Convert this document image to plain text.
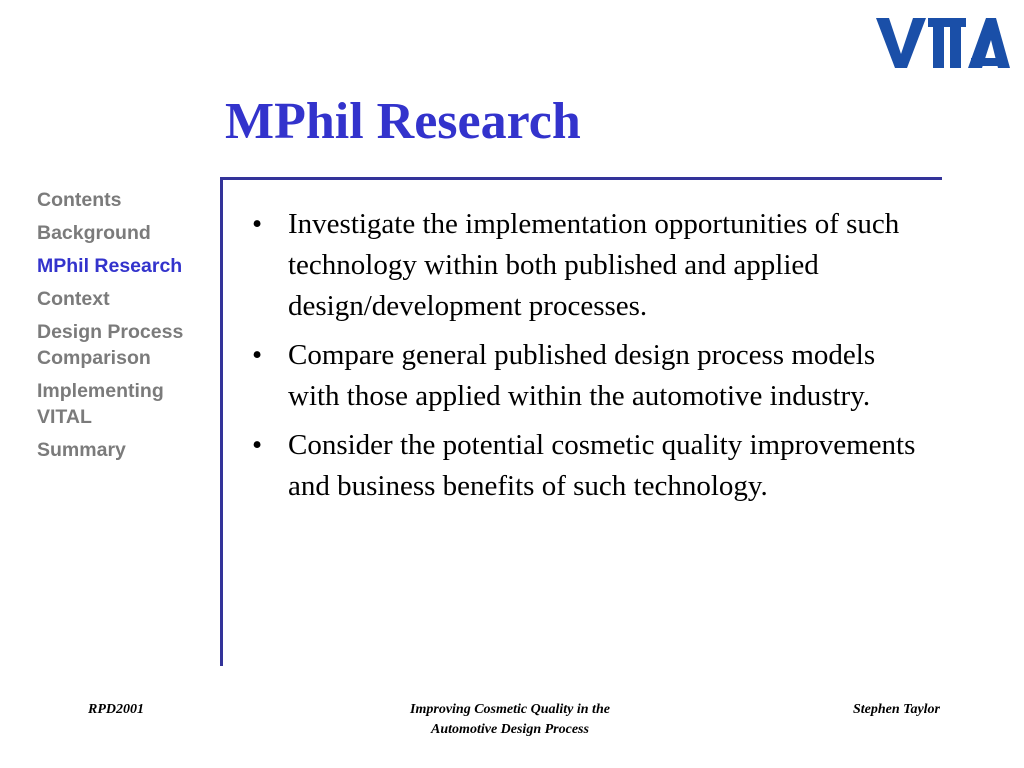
MPhil Research
Contents
Background
MPhil Research
Context
Design Process
Comparison
Implementing
VITAL
Summary
• Investigate the implementation opportunities of such technology within both published and applied design/development processes.
• Compare general published design process models with those applied within the automotive industry.
• Consider the potential cosmetic quality improvements and business benefits of such technology.
RPD2001	Improving Cosmetic Quality in the
Automotive Design Process
Stephen Taylor
